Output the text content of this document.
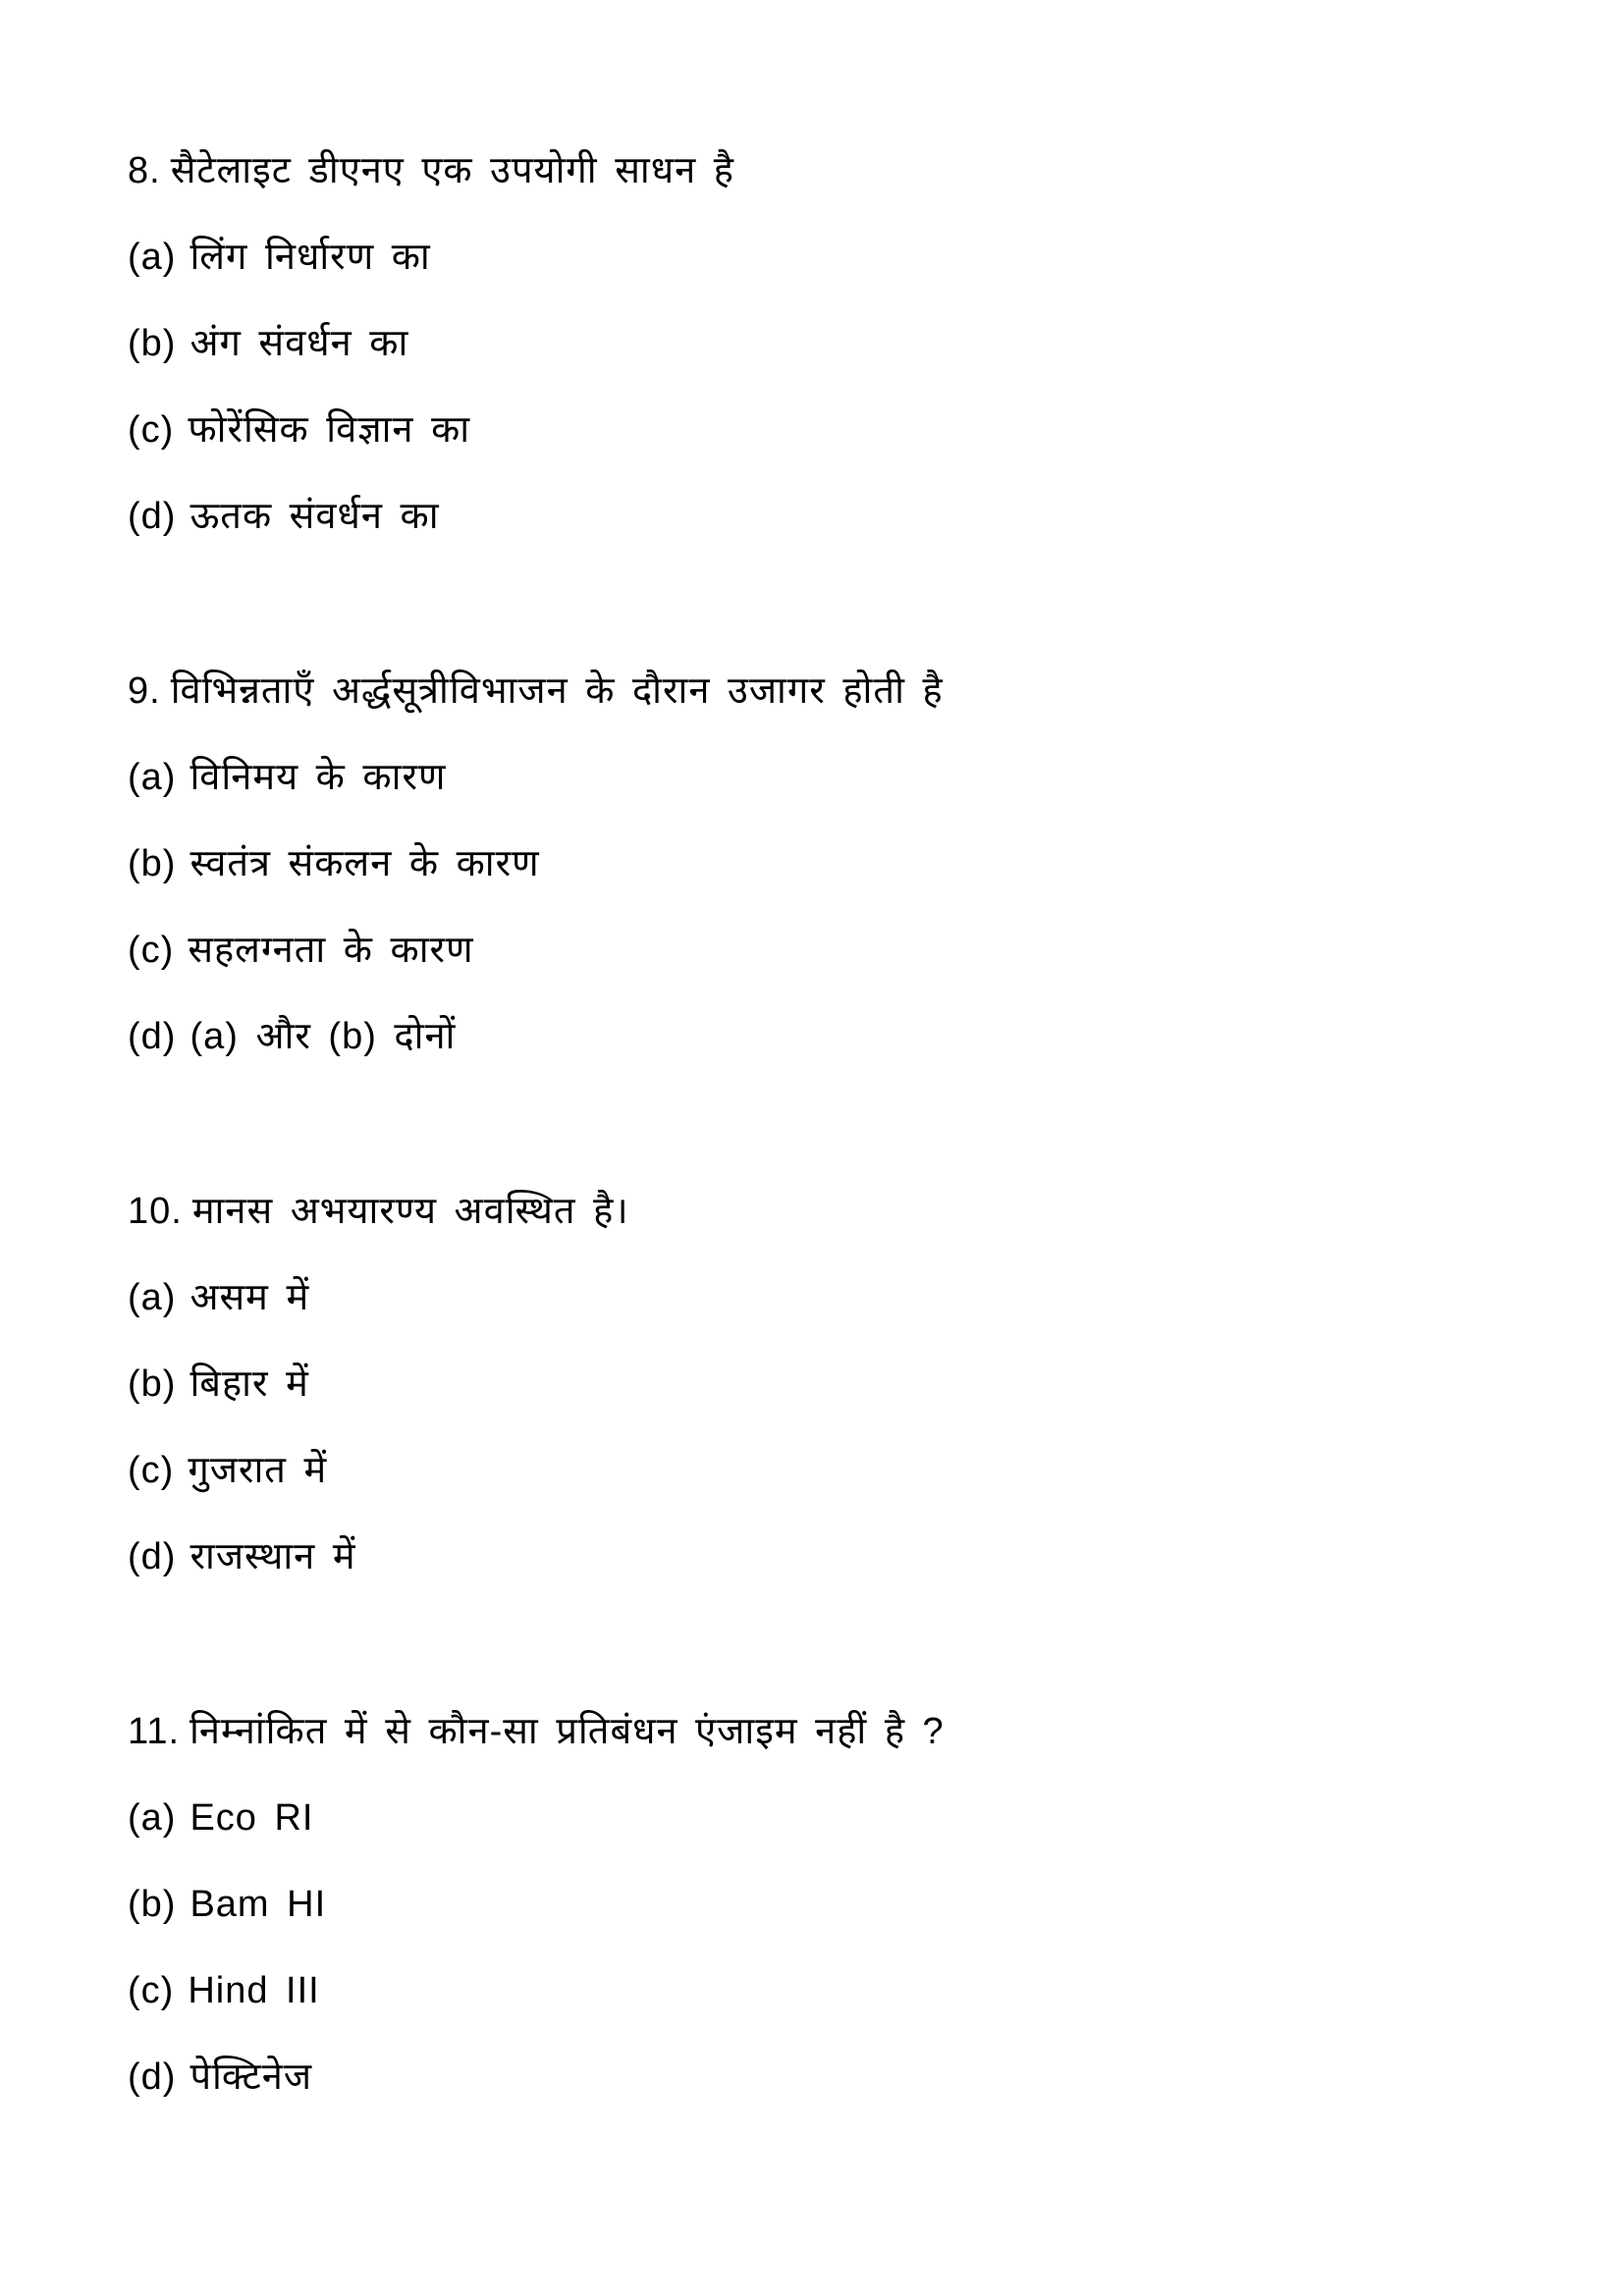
8. सैटेलाइट डीएनए एक उपयोगी साधन है
(a) लिंग निर्धारण का
(b) अंग संवर्धन का
(c) फोरेंसिक विज्ञान का
(d) ऊतक संवर्धन का
9. विभिन्नताएँ अर्द्धसूत्रीविभाजन के दौरान उजागर होती है
(a) विनिमय के कारण
(b) स्वतंत्र संकलन के कारण
(c) सहलग्नता के कारण
(d) (a) और (b) दोनों
10. मानस अभयारण्य अवस्थित है।
(a) असम में
(b) बिहार में
(c) गुजरात में
(d) राजस्थान में
11. निम्नांकित में से कौन-सा प्रतिबंधन एंजाइम नहीं है ?
(a) Eco RI
(b) Bam HI
(c) Hind III
(d) पेक्टिनेज
